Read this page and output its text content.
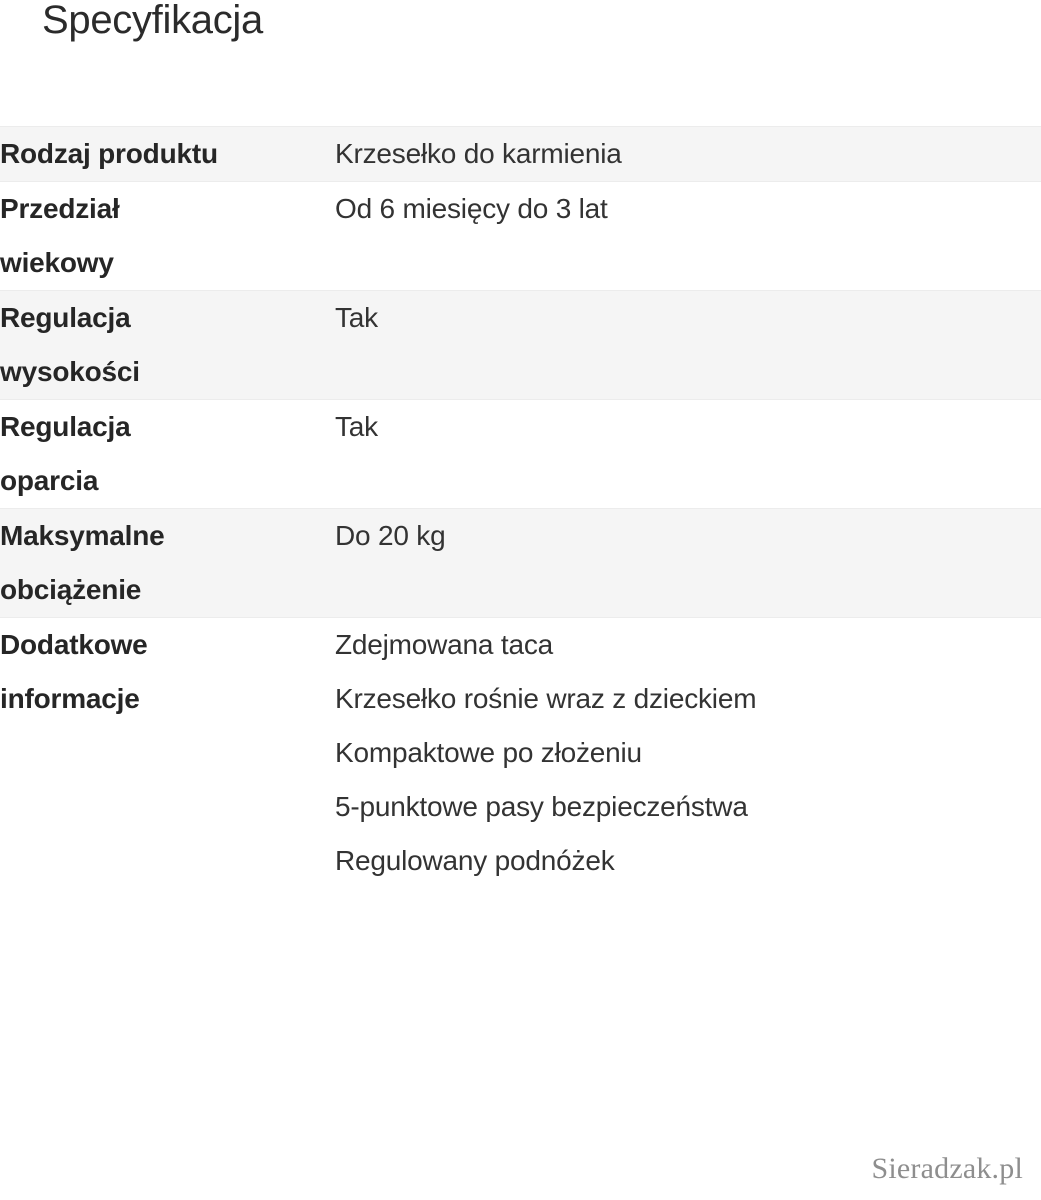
Specyfikacja
Rodzaj produktu	Krzesełko do karmienia

Przedział
wiekowy	Od 6 miesięcy do 3 lat

Regulacja
wysokości	Tak

Regulacja
oparcia	Tak

Maksymalne
obciążenie	Do 20 kg

Dodatkowe
informacje	Zdejmowana taca
Krzesełko rośnie wraz z dzieckiem
Kompaktowe po złożeniu
5-punktowe pasy bezpieczeństwa
Regulowany podnóżek
Sieradzak.pl
